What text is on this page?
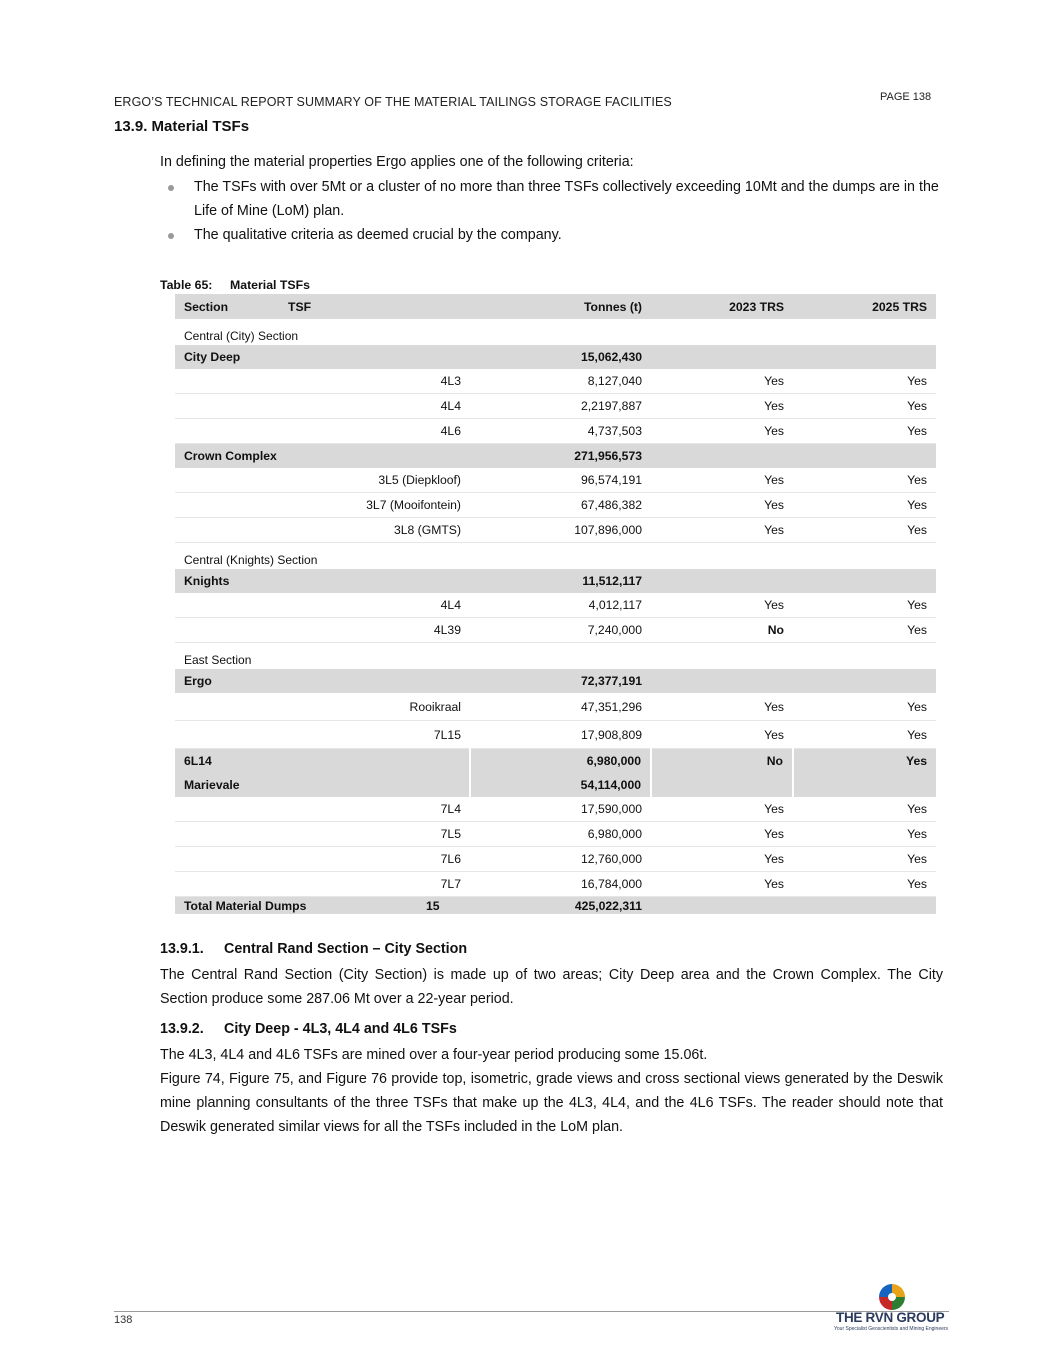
ERGO’S TECHNICAL REPORT SUMMARY OF THE MATERIAL TAILINGS STORAGE FACILITIES	PAGE 138
13.9. Material TSFs
In defining the material properties Ergo applies one of the following criteria:
The TSFs with over 5Mt or a cluster of no more than three TSFs collectively exceeding 10Mt and the dumps are in the Life of Mine (LoM) plan.
The qualitative criteria as deemed crucial by the company.
Table 65: Material TSFs
Section	TSF	Tonnes (t)	2023 TRS	2025 TRS
Central (City) Section				
City Deep		15,062,430		
	4L3	8,127,040	Yes	Yes
	4L4	2,2197,887	Yes	Yes
	4L6	4,737,503	Yes	Yes
Crown Complex		271,956,573		
	3L5 (Diepkloof)	96,574,191	Yes	Yes
	3L7 (Mooifontein)	67,486,382	Yes	Yes
	3L8 (GMTS)	107,896,000	Yes	Yes
Central (Knights) Section				
Knights		11,512,117		
	4L4	4,012,117	Yes	Yes
	4L39	7,240,000	No	Yes
East Section				
Ergo		72,377,191		
	Rooikraal	47,351,296	Yes	Yes
	7L15	17,908,809	Yes	Yes
6L14		6,980,000	No	Yes
Marievale		54,114,000		
	7L4	17,590,000	Yes	Yes
	7L5	6,980,000	Yes	Yes
	7L6	12,760,000	Yes	Yes
	7L7	16,784,000	Yes	Yes
Total Material Dumps 15		425,022,311		
13.9.1. Central Rand Section – City Section
The Central Rand Section (City Section) is made up of two areas; City Deep area and the Crown Complex. The City Section produce some 287.06 Mt over a 22-year period.
13.9.2. City Deep - 4L3, 4L4 and 4L6 TSFs
The 4L3, 4L4 and 4L6 TSFs are mined over a four-year period producing some 15.06t.
Figure 74, Figure 75, and Figure 76 provide top, isometric, grade views and cross sectional views generated by the Deswik mine planning consultants of the three TSFs that make up the 4L3, 4L4, and the 4L6 TSFs. The reader should note that Deswik generated similar views for all the TSFs included in the LoM plan.
138	THE RVN GROUP
Your Specialist Geoscientists and Mining Engineers
